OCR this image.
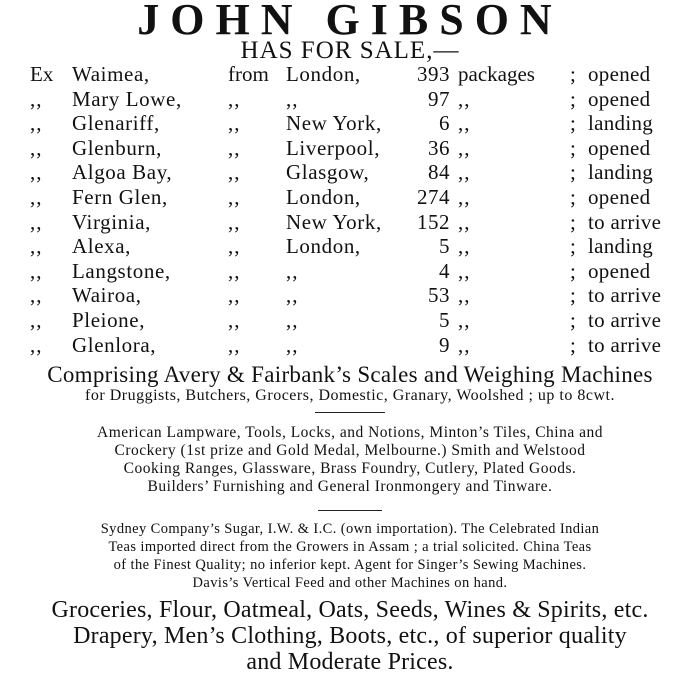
JOHN GIBSON
HAS FOR SALE,—
Ex Waimea,	from London,	393 packages ; opened
,, Mary Lowe, ,, ,,	97 ,,	; opened
,, Glenariff,	,, New York,	6 ,,	; landing
,, Glenburn,	,, Liverpool,	36 ,,	; opened
,, Algoa Bay,	,, Glasgow,	84 ,,	; landing
,, Fern Glen,	,, London,	274 ,,	; opened
,, Virginia,	,, New York,	152 ,,	; to arrive
,, Alexa,	,, London,	5 ,,	; landing
,, Langstone,	,, ,,	4 ,,	; opened
,, Wairoa,	,, ,,	53 ,,	; to arrive
,, Pleione,	,, ,,	5 ,,	; to arrive
,, Glenlora,	,, ,,	9 ,,	; to arrive
Comprising Avery & Fairbank’s Scales and Weighing Machines
for Druggists, Butchers, Grocers, Domestic, Granary, Woolshed ; up to 8cwt.
American Lampware, Tools, Locks, and Notions, Minton’s Tiles, China and
Crockery (1st prize and Gold Medal, Melbourne.) Smith and Welstood
Cooking Ranges, Glassware, Brass Foundry, Cutlery, Plated Goods.
Builders’ Furnishing and General Ironmongery and Tinware.
Sydney Company’s Sugar, I.W. & I.C. (own importation). The Celebrated Indian
Teas imported direct from the Growers in Assam ; a trial solicited. China Teas
of the Finest Quality; no inferior kept. Agent for Singer’s Sewing Machines.
Davis’s Vertical Feed and other Machines on hand.
Groceries, Flour, Oatmeal, Oats, Seeds, Wines & Spirits, etc.
Drapery, Men’s Clothing, Boots, etc., of superior quality
and Moderate Prices.
